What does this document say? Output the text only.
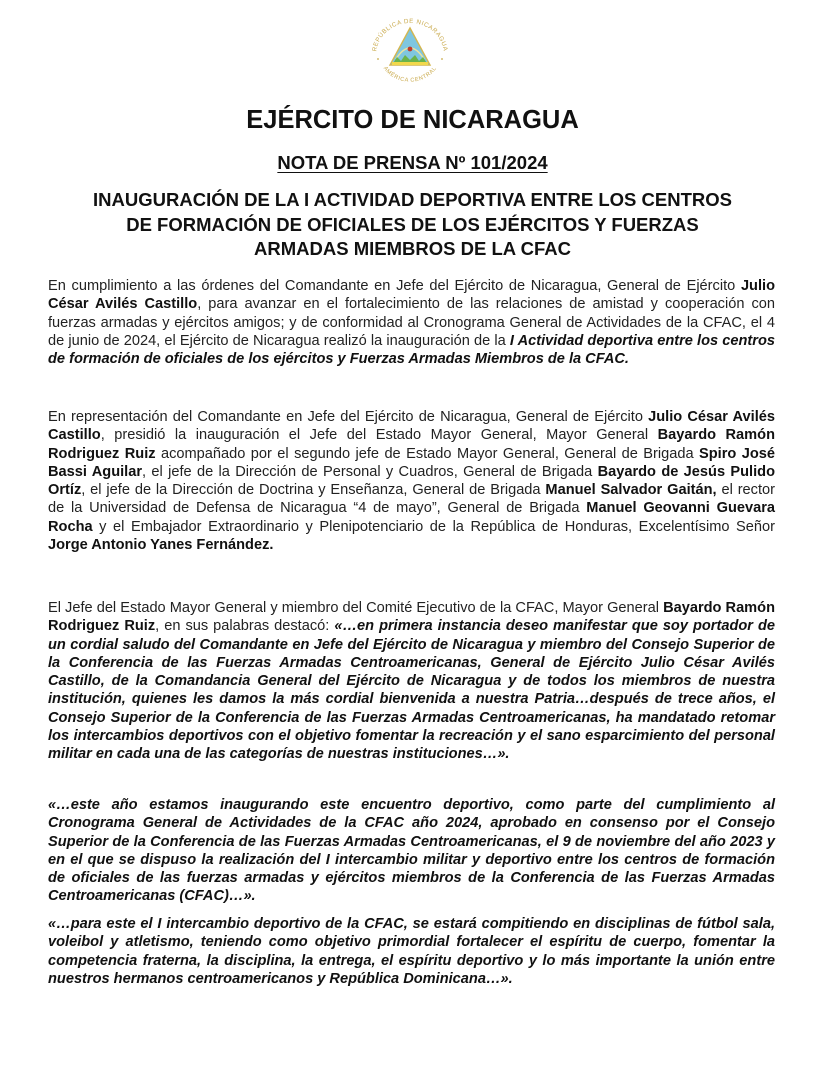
REPÚBLICA DE NICARAGUA
AMÉRICA CENTRAL
EJÉRCITO DE NICARAGUA
NOTA DE PRENSA Nº 101/2024
INAUGURACIÓN DE LA I ACTIVIDAD DEPORTIVA ENTRE LOS CENTROS DE FORMACIÓN DE OFICIALES DE LOS EJÉRCITOS Y FUERZAS ARMADAS MIEMBROS DE LA CFAC

En cumplimiento a las órdenes del Comandante en Jefe del Ejército de Nicaragua, General de Ejército Julio César Avilés Castillo, para avanzar en el fortalecimiento de las relaciones de amistad y cooperación con fuerzas armadas y ejércitos amigos; y de conformidad al Cronograma General de Actividades de la CFAC, el 4 de junio de 2024, el Ejército de Nicaragua realizó la inauguración de la I Actividad deportiva entre los centros de formación de oficiales de los ejércitos y Fuerzas Armadas Miembros de la CFAC.

En representación del Comandante en Jefe del Ejército de Nicaragua, General de Ejército Julio César Avilés Castillo, presidió la inauguración el Jefe del Estado Mayor General, Mayor General Bayardo Ramón Rodriguez Ruiz acompañado por el segundo jefe de Estado Mayor General, General de Brigada Spiro José Bassi Aguilar, el jefe de la Dirección de Personal y Cuadros, General de Brigada Bayardo de Jesús Pulido Ortíz, el jefe de la Dirección de Doctrina y Enseñanza, General de Brigada Manuel Salvador Gaitán, el rector de la Universidad de Defensa de Nicaragua “4 de mayo”, General de Brigada Manuel Geovanni Guevara Rocha y el Embajador Extraordinario y Plenipotenciario de la República de Honduras, Excelentísimo Señor Jorge Antonio Yanes Fernández.

El Jefe del Estado Mayor General y miembro del Comité Ejecutivo de la CFAC, Mayor General Bayardo Ramón Rodriguez Ruiz, en sus palabras destacó: «…en primera instancia deseo manifestar que soy portador de un cordial saludo del Comandante en Jefe del Ejército de Nicaragua y miembro del Consejo Superior de la Conferencia de las Fuerzas Armadas Centroamericanas, General de Ejército Julio César Avilés Castillo, de la Comandancia General del Ejército de Nicaragua y de todos los miembros de nuestra institución, quienes les damos la más cordial bienvenida a nuestra Patria…después de trece años, el Consejo Superior de la Conferencia de las Fuerzas Armadas Centroamericanas, ha mandatado retomar los intercambios deportivos con el objetivo fomentar la recreación y el sano esparcimiento del personal militar en cada una de las categorías de nuestras instituciones…».

«…este año estamos inaugurando este encuentro deportivo, como parte del cumplimiento al Cronograma General de Actividades de la CFAC año 2024, aprobado en consenso por el Consejo Superior de la Conferencia de las Fuerzas Armadas Centroamericanas, el 9 de noviembre del año 2023 y en el que se dispuso la realización del I intercambio militar y deportivo entre los centros de formación de oficiales de las fuerzas armadas y ejércitos miembros de la Conferencia de las Fuerzas Armadas Centroamericanas (CFAC)…».

«…para este el I intercambio deportivo de la CFAC, se estará compitiendo en disciplinas de fútbol sala, voleibol y atletismo, teniendo como objetivo primordial fortalecer el espíritu de cuerpo, fomentar la competencia fraterna, la disciplina, la entrega, el espíritu deportivo y lo más importante la unión entre nuestros hermanos centroamericanos y República Dominicana…».
